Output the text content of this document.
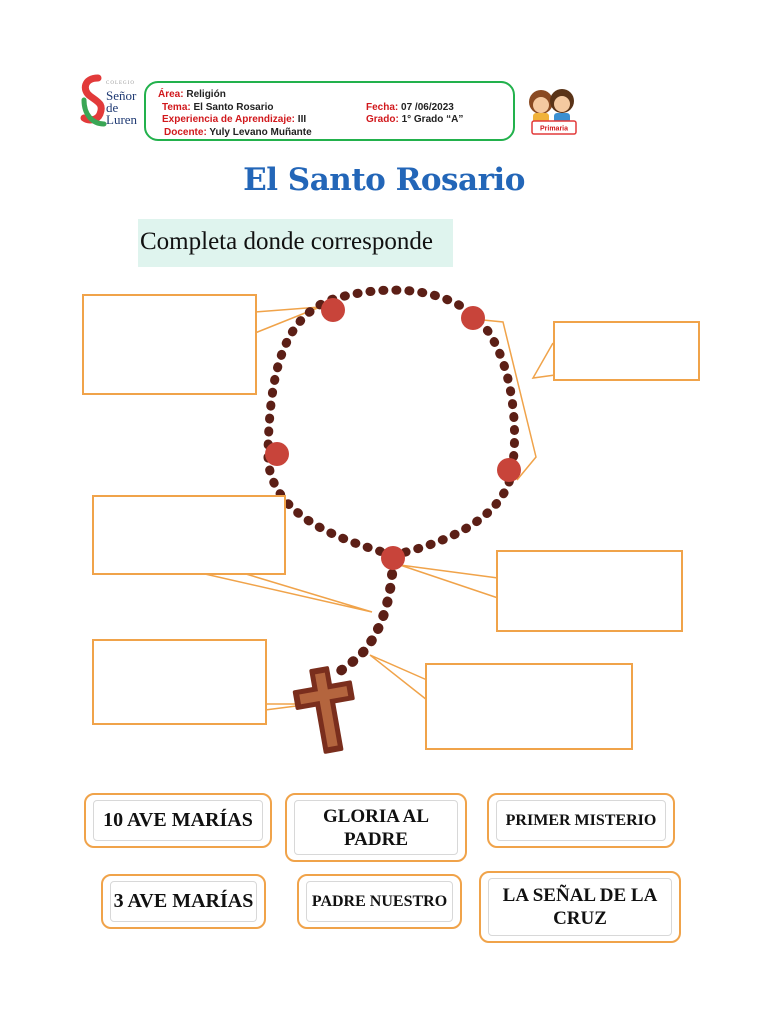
COLEGIO
Señor
de Luren
Área: Religión
Tema: El Santo Rosario	Fecha: 07 /06/2023
Experiencia de Aprendizaje: III	Grado: 1° Grado “A”
Docente: Yuly Levano Muñante	Primaria
El Santo Rosario
Completa donde corresponde
10 AVE MARÍAS	GLORIA AL
PADRE
PRIMER MISTERIO
3 AVE MARÍAS	PADRE NUESTRO	LA SEÑAL DE LA
CRUZ
